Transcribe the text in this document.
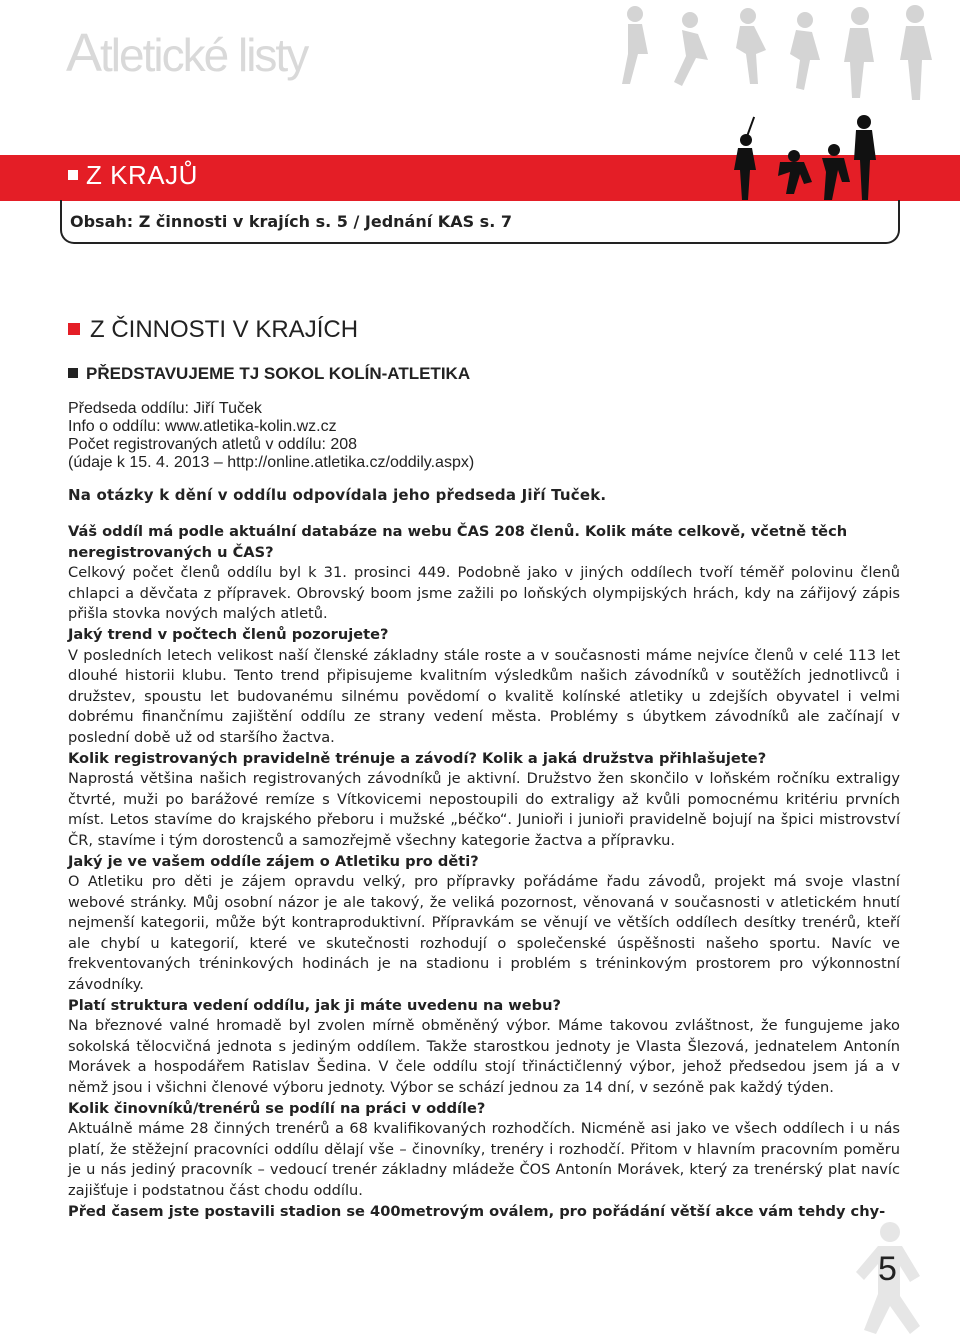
Atletické listy
Z KRAJŮ
Obsah: Z činnosti v krajích s. 5 / Jednání KAS s. 7
Z ČINNOSTI V KRAJÍCH
PŘEDSTAVUJEME TJ SOKOL KOLÍN-ATLETIKA
Předseda oddílu: Jiří Tuček
Info o oddílu: www.atletika-kolin.wz.cz
Počet registrovaných atletů v oddílu: 208
(údaje k 15. 4. 2013 – http://online.atletika.cz/oddily.aspx)
Na otázky k dění v oddílu odpovídala jeho předseda Jiří Tuček.

Váš oddíl má podle aktuální databáze na webu ČAS 208 členů. Kolik máte celkově, včetně těch neregistrovaných u ČAS?

Celkový počet členů oddílu byl k 31. prosinci 449. Podobně jako v jiných oddílech tvoří téměř polovinu členů chlapci a děvčata z přípravek. Obrovský boom jsme zažili po loňských olympijských hrách, kdy na zářijový zápis přišla stovka nových malých atletů.

Jaký trend v počtech členů pozorujete?

V posledních letech velikost naší členské základny stále roste a v současnosti máme nejvíce členů v celé 113 let dlouhé historii klubu. Tento trend připisujeme kvalitním výsledkům našich závodníků v soutěžích jednotlivců i družstev, spoustu let budovanému silnému povědomí o kvalitě kolínské atletiky u zdejších obyvatel i velmi dobrému finančnímu zajištění oddílu ze strany vedení města. Problémy s úbytkem závodníků ale začínají v poslední době už od staršího žactva.

Kolik registrovaných pravidelně trénuje a závodí? Kolik a jaká družstva přihlašujete?

Naprostá většina našich registrovaných závodníků je aktivní. Družstvo žen skončilo v loňském ročníku extraligy čtvrté, muži po barážové remíze s Vítkovicemi nepostoupili do extraligy až kvůli pomocnému kritériu prvních míst. Letos stavíme do krajského přeboru i mužské „béčko“. Junioři i junioři pravidelně bojují na špici mistrovství ČR, stavíme i tým dorostenců a samozřejmě všechny kategorie žactva a přípravku.

Jaký je ve vašem oddíle zájem o Atletiku pro děti?

O Atletiku pro děti je zájem opravdu velký, pro přípravky pořádáme řadu závodů, projekt má svoje vlastní webové stránky. Můj osobní názor je ale takový, že veliká pozornost, věnovaná v současnosti v atletickém hnutí nejmenší kategorii, může být kontraproduktivní. Přípravkám se věnují ve větších oddílech desítky trenérů, kteří ale chybí u kategorií, které ve skutečnosti rozhodují o společenské úspěšnosti našeho sportu. Navíc ve frekventovaných tréninkových hodinách je na stadionu i problém s tréninkovým prostorem pro výkonnostní závodníky.

Platí struktura vedení oddílu, jak ji máte uvedenu na webu?

Na březnové valné hromadě byl zvolen mírně obměněný výbor. Máme takovou zvláštnost, že fungujeme jako sokolská tělocvičná jednota s jediným oddílem. Takže starostkou jednoty je Vlasta Šlezová, jednatelem Antonín Morávek a hospodářem Ratislav Šedina. V čele oddílu stojí třináctičlenný výbor, jehož předsedou jsem já a v němž jsou i všichni členové výboru jednoty. Výbor se schází jednou za 14 dní, v sezóně pak každý týden.

Kolik činovníků/trenérů se podílí na práci v oddíle?

Aktuálně máme 28 činných trenérů a 68 kvalifikovaných rozhodčích. Nicméně asi jako ve všech oddílech i u nás platí, že stěžejní pracovníci oddílu dělají vše – činovníky, trenéry i rozhodčí. Přitom v hlavním pracovním poměru je u nás jediný pracovník – vedoucí trenér základny mládeže ČOS Antonín Morávek, který za trenérský plat navíc zajišťuje i podstatnou část chodu oddílu.

Před časem jste postavili stadion se 400metrovým oválem, pro pořádání větší akce vám tehdy chy-

5
